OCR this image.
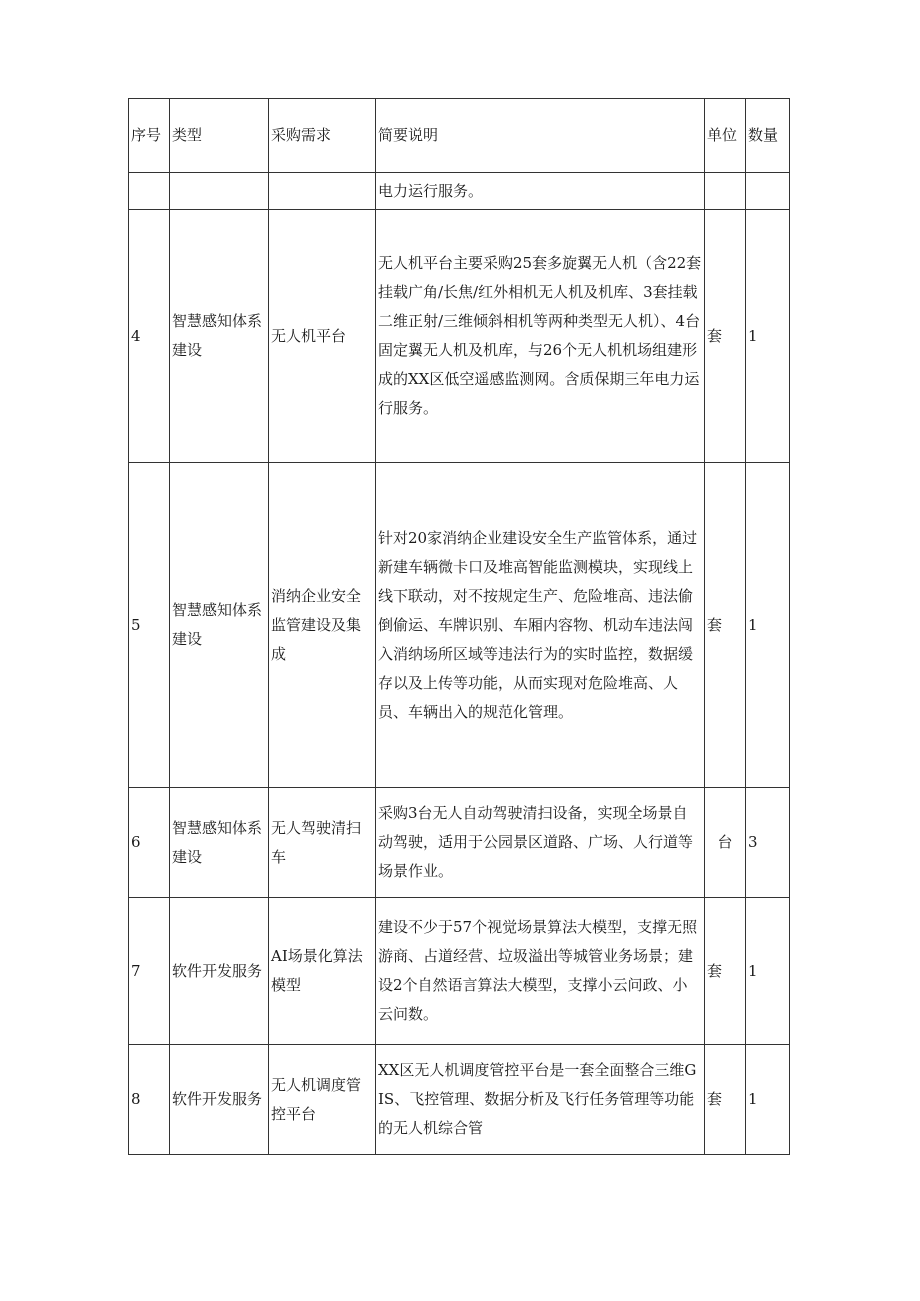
序号	类型	采购需求	简要说明	单位	数量
			电力运行服务。		
4	智慧感知体系建设	无人机平台	无人机平台主要采购25套多旋翼无人机（含22套挂载广角/长焦/红外相机无人机及机库、3套挂载二维正射/三维倾斜相机等两种类型无人机）、4台固定翼无人机及机库，与26个无人机机场组建形成的XX区低空遥感监测网。含质保期三年电力运行服务。	套	1
5	智慧感知体系建设	消纳企业安全监管建设及集成	针对20家消纳企业建设安全生产监管体系，通过新建车辆微卡口及堆高智能监测模块，实现线上线下联动，对不按规定生产、危险堆高、违法偷倒偷运、车牌识别、车厢内容物、机动车违法闯入消纳场所区域等违法行为的实时监控，数据缓存以及上传等功能，从而实现对危险堆高、人员、车辆出入的规范化管理。	套	1
6	智慧感知体系建设	无人驾驶清扫车	采购3台无人自动驾驶清扫设备，实现全场景自动驾驶，适用于公园景区道路、广场、人行道等场景作业。	台	3
7	软件开发服务	AI场景化算法模型	建设不少于57个视觉场景算法大模型，支撑无照游商、占道经营、垃圾溢出等城管业务场景；建设2个自然语言算法大模型，支撑小云问政、小云问数。	套	1
8	软件开发服务	无人机调度管控平台	XX区无人机调度管控平台是一套全面整合三维GIS、飞控管理、数据分析及飞行任务管理等功能的无人机综合管	套	1
